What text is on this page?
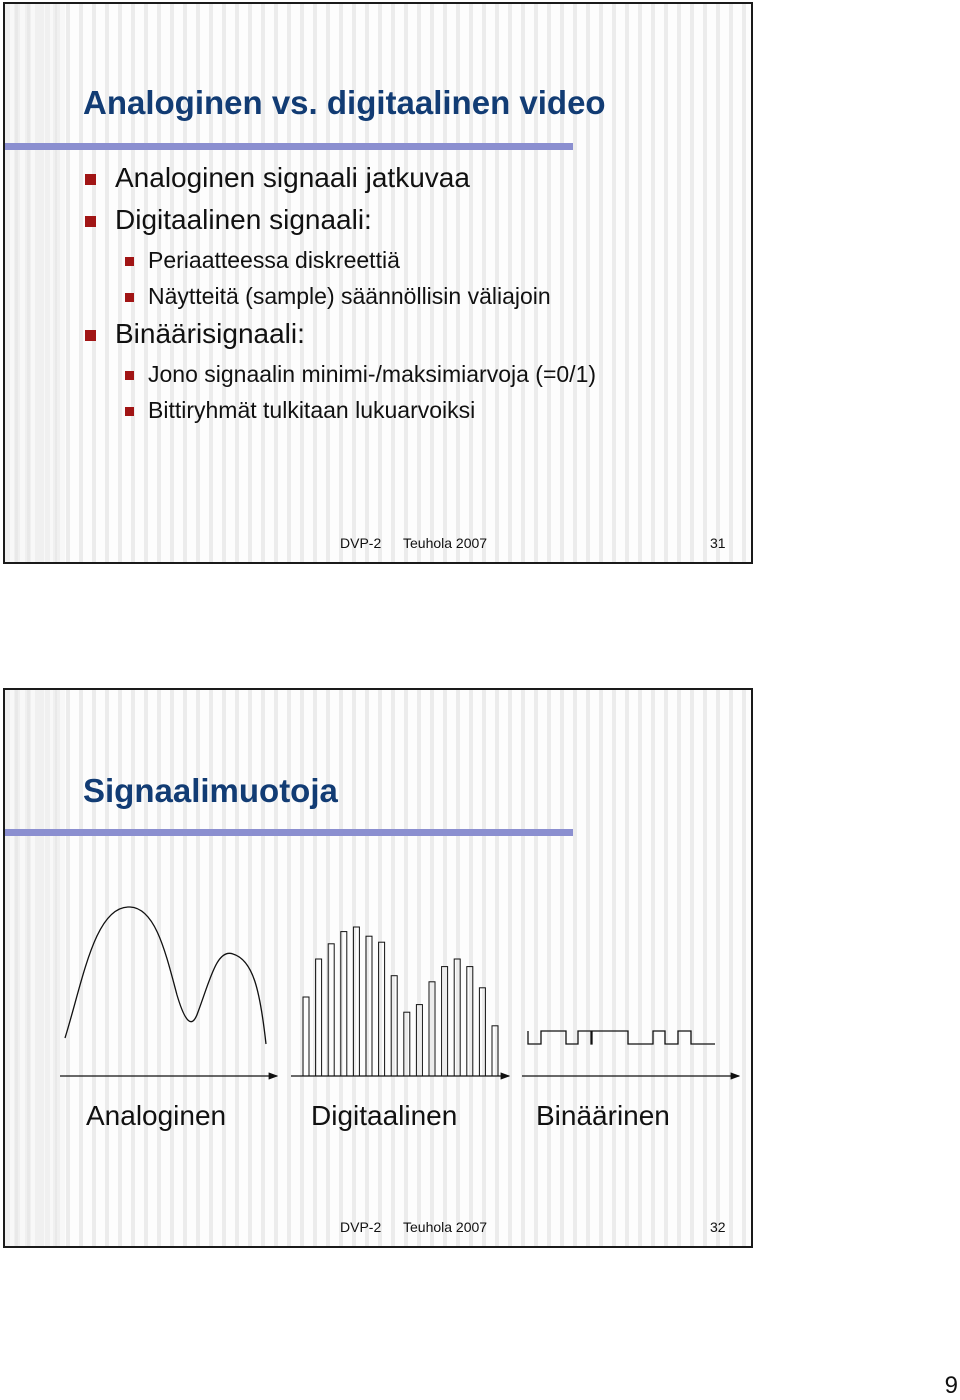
Analoginen vs. digitaalinen video
Analoginen signaali jatkuvaa
Digitaalinen signaali:
Periaatteessa diskreettiä
Näytteitä (sample) säännöllisin väliajoin
Binäärisignaali:
Jono signaalin minimi-/maksimiarvoja (=0/1)
Bittiryhmät tulkitaan lukuarvoiksi
DVP-2 Teuhola 2007	31
Signaalimuotoja
Analoginen	Digitaalinen	Binäärinen
DVP-2 Teuhola 2007	32
9
